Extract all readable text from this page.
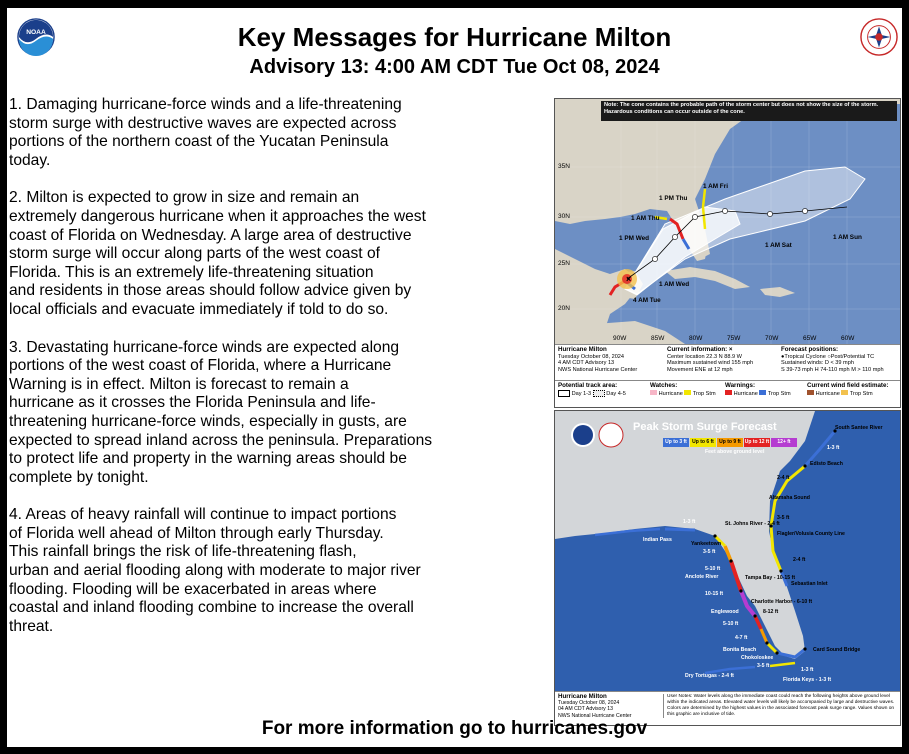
NOAA	Key Messages for Hurricane Milton
Advisory 13: 4:00 AM CDT Tue Oct 08, 2024

1. Damaging hurricane-force winds and a life-threatening
storm surge with destructive waves are expected across
portions of the northern coast of the Yucatan Peninsula
today.

2. Milton is expected to grow in size and remain an
extremely dangerous hurricane when it approaches the west
coast of Florida on Wednesday. A large area of destructive
storm surge will occur along parts of the west coast of
Florida. This is an extremely life-threatening situation
and residents in those areas should follow advice given by
local officials and evacuate immediately if told to do so.

3. Devastating hurricane-force winds are expected along
portions of the west coast of Florida, where a Hurricane
Warning is in effect. Milton is forecast to remain a
hurricane as it crosses the Florida Peninsula and life-
threatening hurricane-force winds, especially in gusts, are
expected to spread inland across the peninsula. Preparations
to protect life and property in the warning areas should be
complete by tonight.

4. Areas of heavy rainfall will continue to impact portions
of Florida well ahead of Milton through early Thursday.
This rainfall brings the risk of life-threatening flash,
urban and aerial flooding along with moderate to major river
flooding. Flooding will be exacerbated in areas where
coastal and inland flooding combine to increase the overall
threat.

×
Note: The cone contains the probable path of the storm center but does not show the size of the storm. Hazardous conditions can occur outside of the cone.
35N
30N
25N
20N
90W	85W	80W	75W	70W	65W	60W
1 AM Fri
1 PM Thu
1 AM Thu
1 PM Wed
1 AM Wed
4 AM Tue
1 AM Sat
1 AM Sun
Hurricane Milton
Tuesday October 08, 2024
4 AM CDT Advisory 13
NWS National Hurricane Center
Current information: ×
Center location 22.3 N 88.9 W
Maximum sustained wind 155 mph
Movement ENE at 12 mph
Forecast positions:
●Tropical Cyclone ○Post/Potential TC
Sustained winds: D < 39 mph
S 39-73 mph H 74-110 mph M > 110 mph
Potential track area:
Day 1-3	Day 4-5
Watches:
Hurricane Trop Stm
Warnings:
Hurricane Trop Stm
Current wind field estimate:
Hurricane Trop Stm
Peak Storm Surge Forecast
Up to 3 ft	Up to 6 ft	Up to 9 ft Up to 12 ft	12+ ft
Feet above ground level
South Santee River
1-3 ft
Edisto Beach
2-4 ft
Altamaha Sound
3-5 ft
Flagler/Volusia County Line
2-4 ft
Sebastian Inlet
St. Johns River - 2-4 ft
1-3 ft
Indian Pass
Yankeetown
3-5 ft
5-10 ft
Anclote River
10-15 ft
Tampa Bay - 10-15 ft
Charlotte Harbor - 6-10 ft
8-12 ft
Englewood
5-10 ft
4-7 ft
Bonita Beach
Chokoloskee
3-5 ft
Card Sound Bridge
1-3 ft
Dry Tortugas - 2-4 ft
Florida Keys - 1-3 ft
Hurricane Milton
Tuesday October 08, 2024
04 AM CDT Advisory 13
NWS National Hurricane Center
User Notes: Water levels along the immediate coast could reach the following heights above ground level within the indicated areas. Elevated water levels will likely be accompanied by large and destructive waves. Colors are determined by the highest values in the associated forecast peak surge range. Values shown on this graphic are inclusive of tide.
For more information go to hurricanes.gov
